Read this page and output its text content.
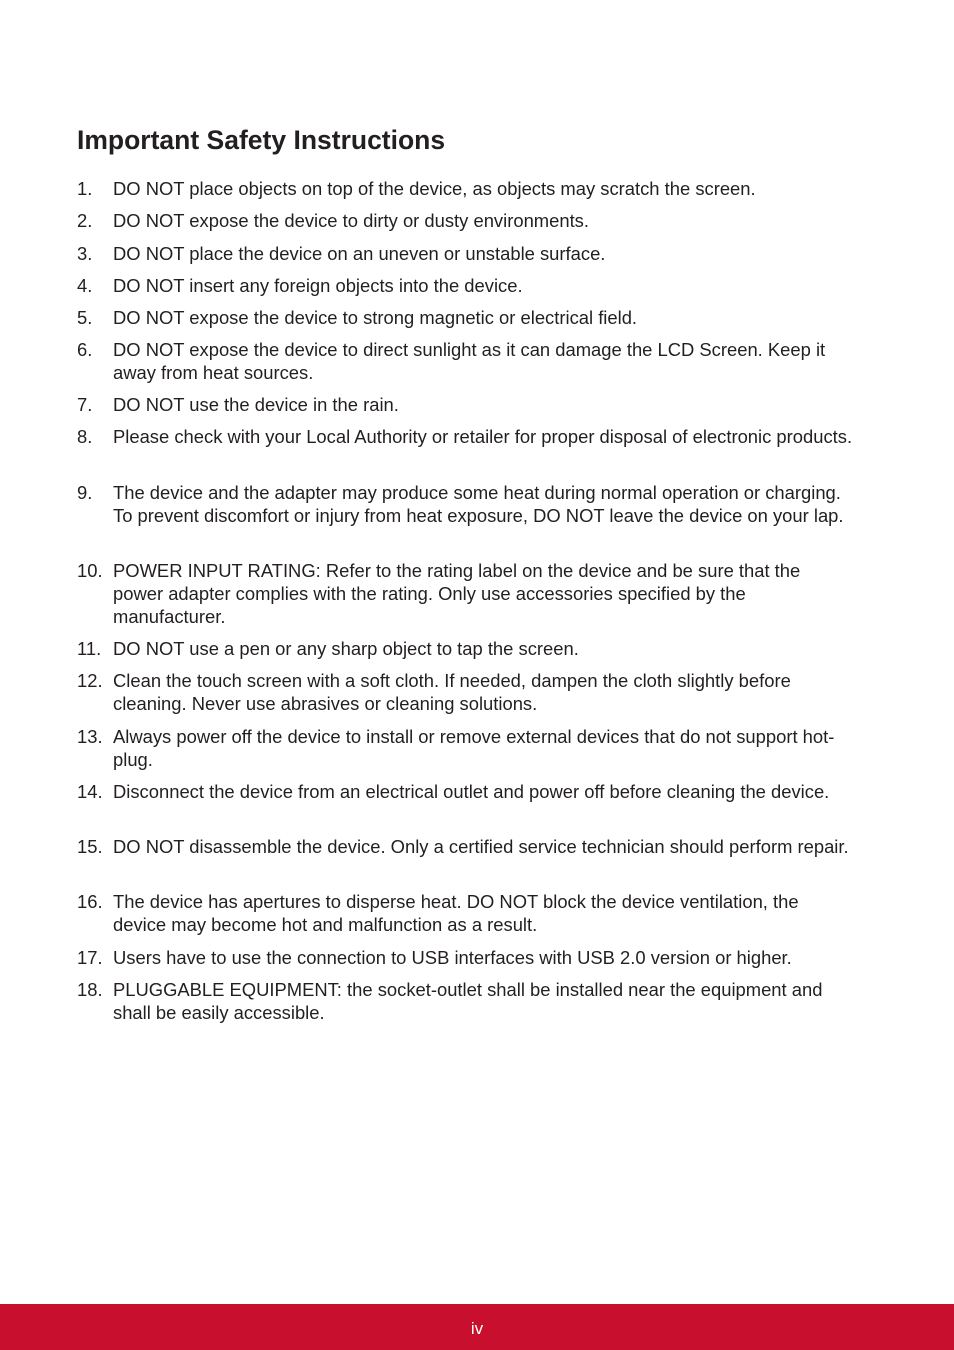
Important Safety Instructions
1.	DO NOT place objects on top of the device, as objects may scratch the screen.
2.	DO NOT expose the device to dirty or dusty environments.
3.	DO NOT place the device on an uneven or unstable surface.
4.	DO NOT insert any foreign objects into the device.
5.	DO NOT expose the device to strong magnetic or electrical field.
6.	DO NOT expose the device to direct sunlight as it can damage the LCD Screen. Keep it away from heat sources.
7.	DO NOT use the device in the rain.
8.	Please check with your Local Authority or retailer for proper disposal of electronic products.
9.	The device and the adapter may produce some heat during normal operation or charging. To prevent discomfort or injury from heat exposure, DO NOT leave the device on your lap.
10. POWER INPUT RATING: Refer to the rating label on the device and be sure that the power adapter complies with the rating. Only use accessories specified by the manufacturer.
11. DO NOT use a pen or any sharp object to tap the screen.
12. Clean the touch screen with a soft cloth. If needed, dampen the cloth slightly before cleaning. Never use abrasives or cleaning solutions.
13. Always power off the device to install or remove external devices that do not support hot-plug.
14. Disconnect the device from an electrical outlet and power off before cleaning the device.
15. DO NOT disassemble the device. Only a certified service technician should perform repair.
16. The device has apertures to disperse heat. DO NOT block the device ventilation, the device may become hot and malfunction as a result.
17. Users have to use the connection to USB interfaces with USB 2.0 version or higher.
18. PLUGGABLE EQUIPMENT: the socket-outlet shall be installed near the equipment and shall be easily accessible.
iv
